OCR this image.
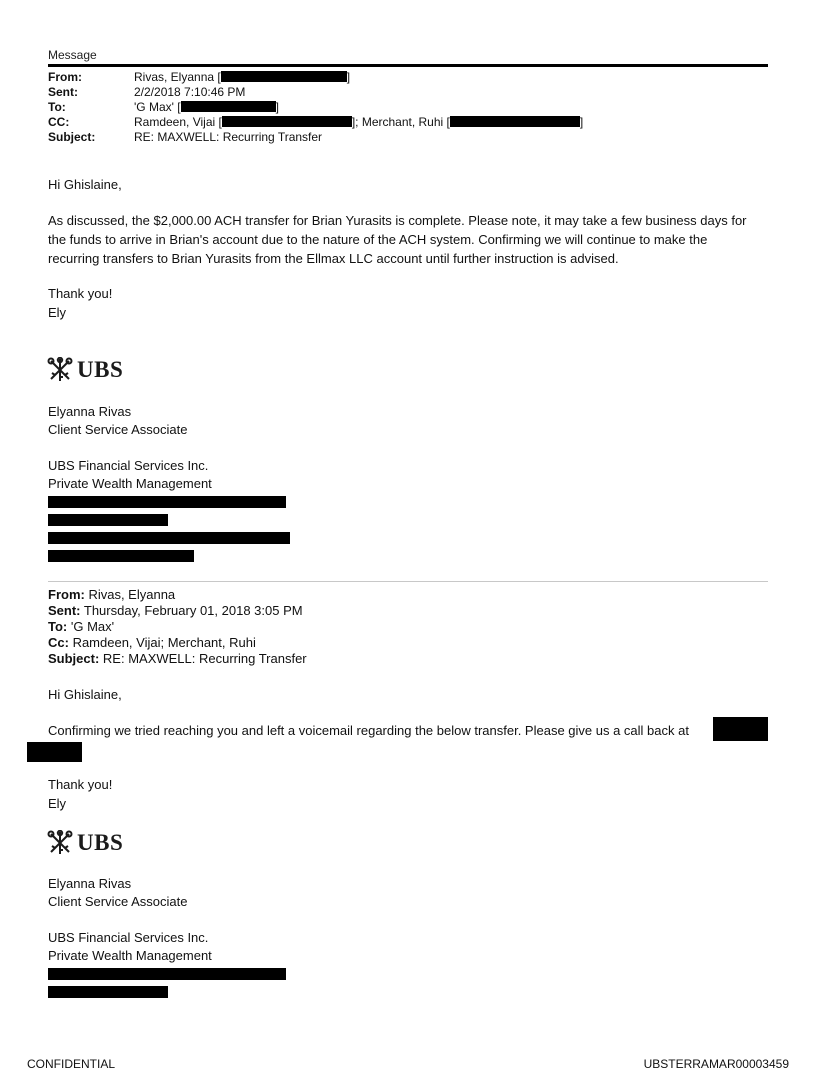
Message
From:	Rivas, Elyanna [	]
Sent:	2/2/2018 7:10:46 PM
To:	'G Max' [	]
CC:	Ramdeen, Vijai [	]; Merchant, Ruhi [	]
Subject:	RE: MAXWELL: Recurring Transfer
Hi Ghislaine,
As discussed, the $2,000.00 ACH transfer for Brian Yurasits is complete. Please note, it may take a few business days for
the funds to arrive in Brian's account due to the nature of the ACH system. Confirming we will continue to make the
recurring transfers to Brian Yurasits from the Ellmax LLC account until further instruction is advised.
Thank you!
Ely
UBS
Elyanna Rivas
Client Service Associate
UBS Financial Services Inc.
Private Wealth Management
From: Rivas, Elyanna
Sent: Thursday, February 01, 2018 3:05 PM
To: 'G Max'
Cc: Ramdeen, Vijai; Merchant, Ruhi
Subject: RE: MAXWELL: Recurring Transfer
Hi Ghislaine,
Confirming we tried reaching you and left a voicemail regarding the below transfer. Please give us a call back at
Thank you!
Ely
UBS
Elyanna Rivas
Client Service Associate
UBS Financial Services Inc.
Private Wealth Management
CONFIDENTIAL	UBSTERRAMAR00003459
